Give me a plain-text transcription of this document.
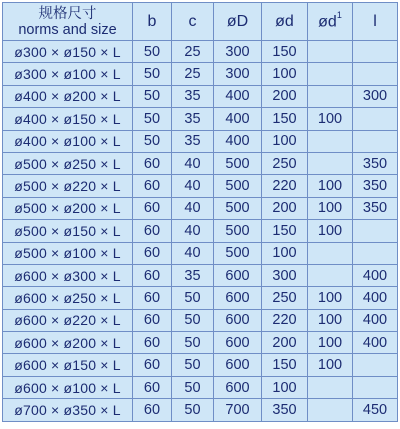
规格尺寸
norms and size	b	c	øD	ød	$ød^1$	l
ø300 × ø150 × L	50	25	300	150		
ø300 × ø100 × L	50	25	300	100		
ø400 × ø200 × L	50	35	400	200		300
ø400 × ø150 × L	50	35	400	150	100	
ø400 × ø100 × L	50	35	400	100		
ø500 × ø250 × L	60	40	500	250		350
ø500 × ø220 × L	60	40	500	220	100	350
ø500 × ø200 × L	60	40	500	200	100	350
ø500 × ø150 × L	60	40	500	150	100	
ø500 × ø100 × L	60	40	500	100		
ø600 × ø300 × L	60	35	600	300		400
ø600 × ø250 × L	60	50	600	250	100	400
ø600 × ø220 × L	60	50	600	220	100	400
ø600 × ø200 × L	60	50	600	200	100	400
ø600 × ø150 × L	60	50	600	150	100	
ø600 × ø100 × L	60	50	600	100		
ø700 × ø350 × L	60	50	700	350		450
